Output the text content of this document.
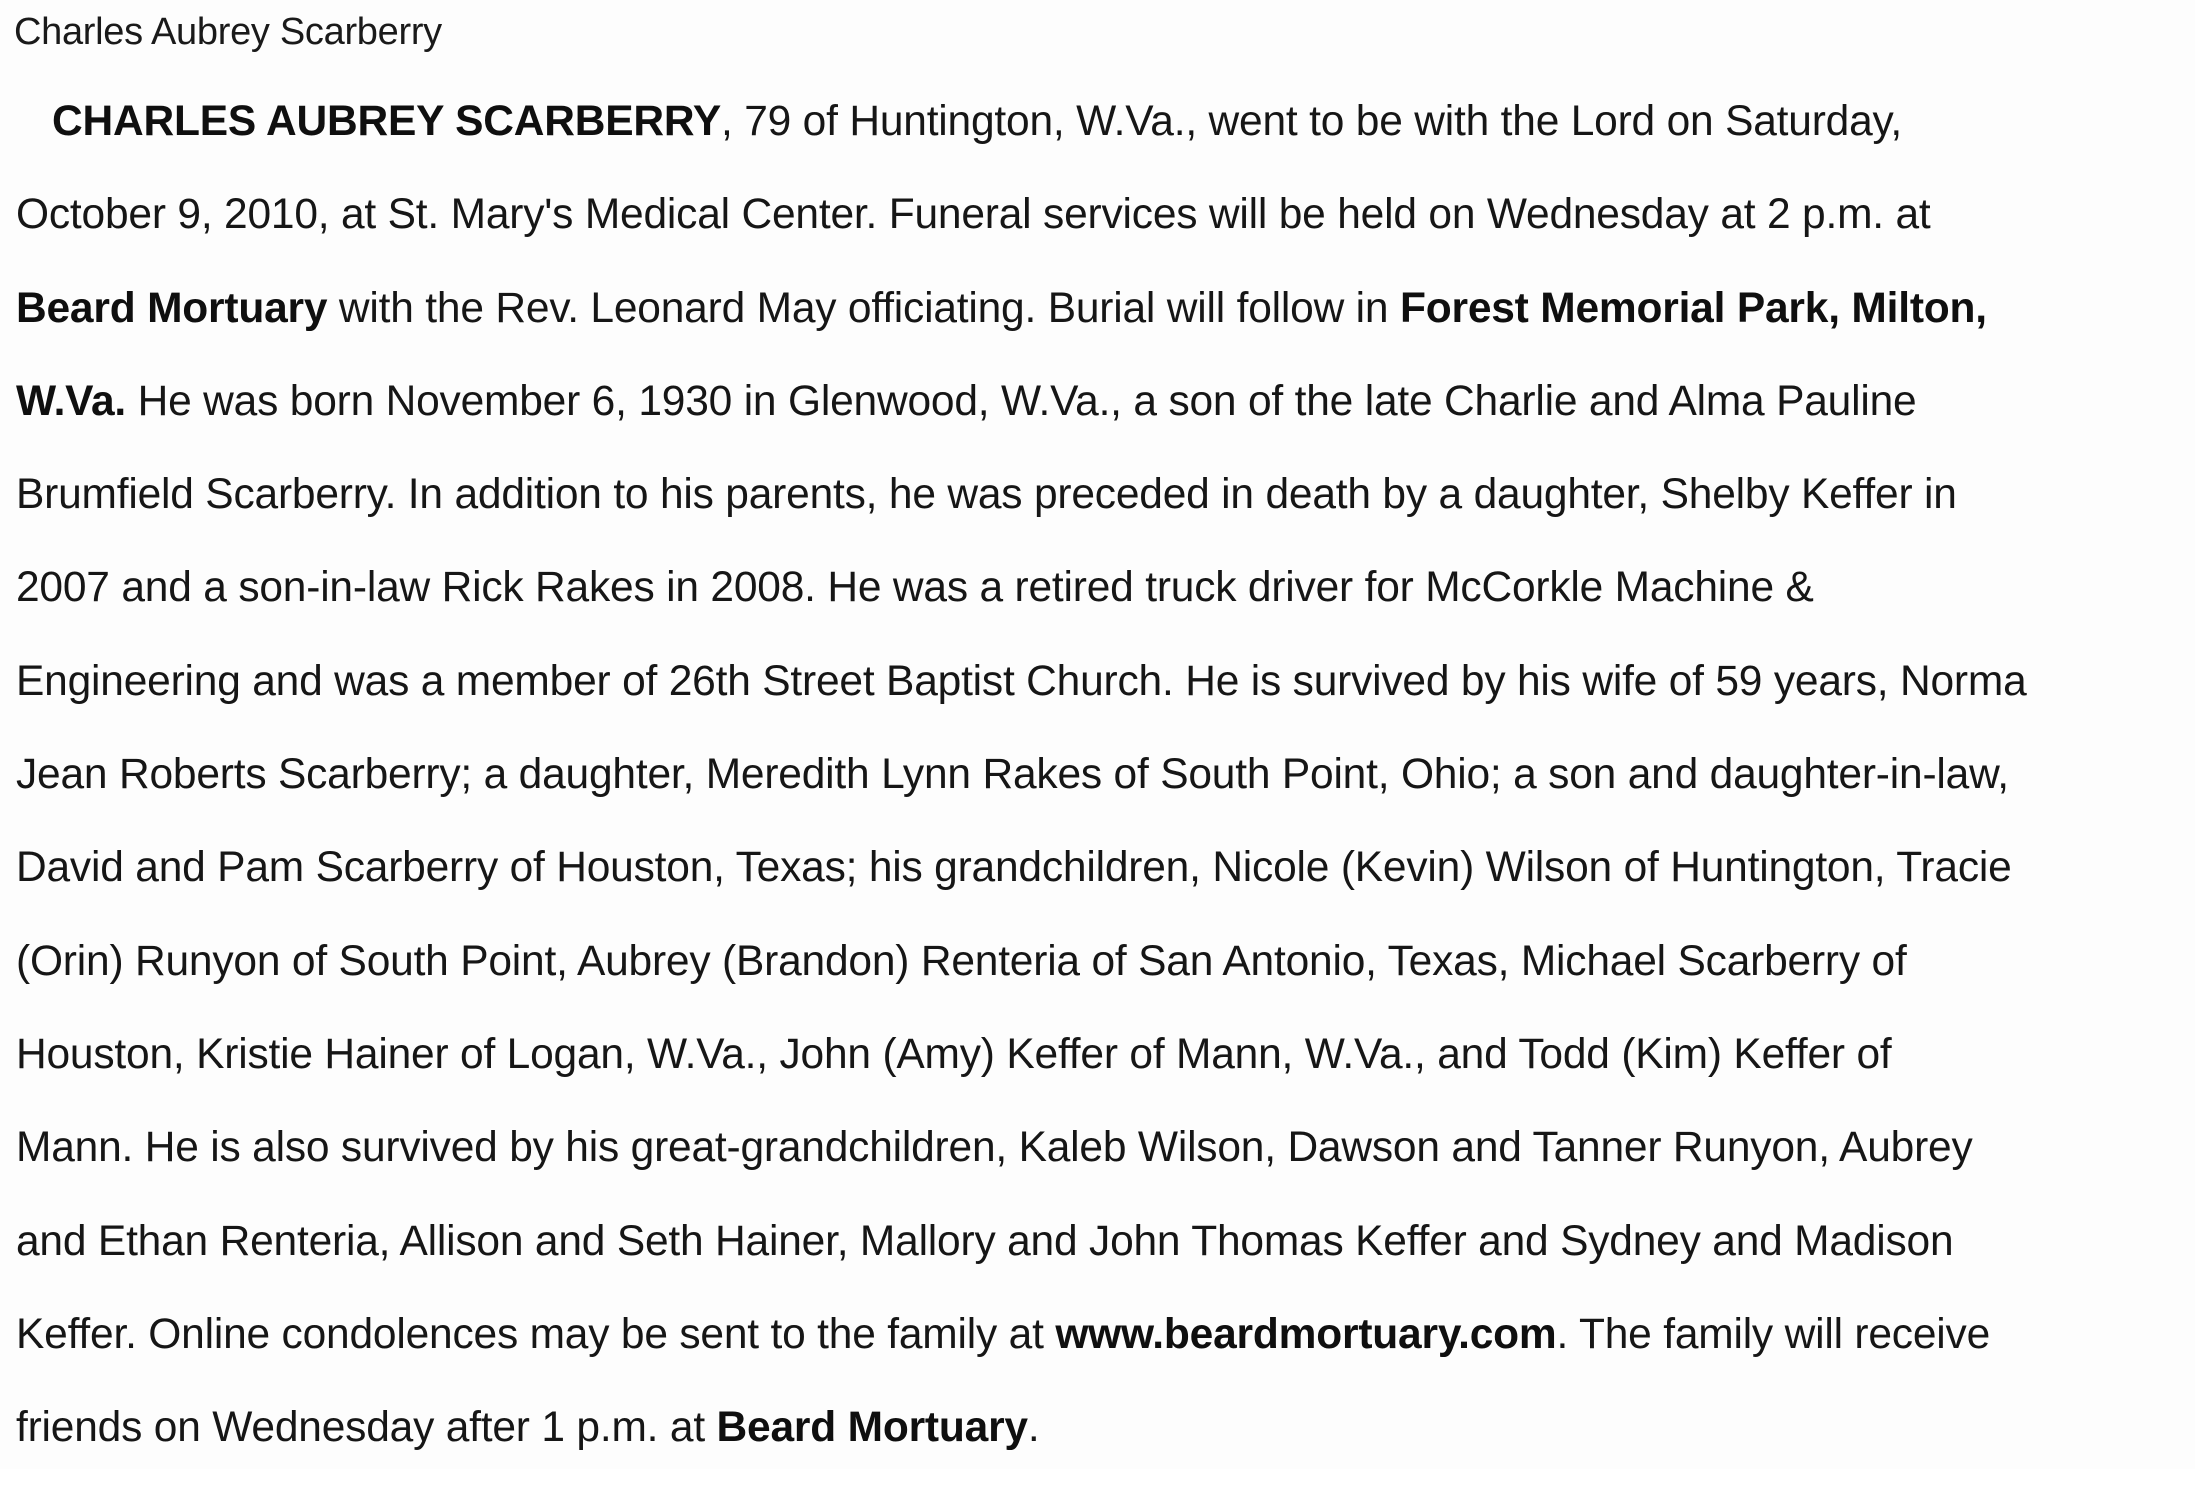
Charles Aubrey Scarberry
CHARLES AUBREY SCARBERRY, 79 of Huntington, W.Va., went to be with the Lord on Saturday,
October 9, 2010, at St. Mary's Medical Center. Funeral services will be held on Wednesday at 2 p.m. at
Beard Mortuary with the Rev. Leonard May officiating. Burial will follow in Forest Memorial Park, Milton,
W.Va. He was born November 6, 1930 in Glenwood, W.Va., a son of the late Charlie and Alma Pauline
Brumfield Scarberry. In addition to his parents, he was preceded in death by a daughter, Shelby Keffer in
2007 and a son-in-law Rick Rakes in 2008. He was a retired truck driver for McCorkle Machine &
Engineering and was a member of 26th Street Baptist Church. He is survived by his wife of 59 years, Norma
Jean Roberts Scarberry; a daughter, Meredith Lynn Rakes of South Point, Ohio; a son and daughter-in-law,
David and Pam Scarberry of Houston, Texas; his grandchildren, Nicole (Kevin) Wilson of Huntington, Tracie
(Orin) Runyon of South Point, Aubrey (Brandon) Renteria of San Antonio, Texas, Michael Scarberry of
Houston, Kristie Hainer of Logan, W.Va., John (Amy) Keffer of Mann, W.Va., and Todd (Kim) Keffer of
Mann. He is also survived by his great-grandchildren, Kaleb Wilson, Dawson and Tanner Runyon, Aubrey
and Ethan Renteria, Allison and Seth Hainer, Mallory and John Thomas Keffer and Sydney and Madison
Keffer. Online condolences may be sent to the family at www.beardmortuary.com. The family will receive
friends on Wednesday after 1 p.m. at Beard Mortuary.
